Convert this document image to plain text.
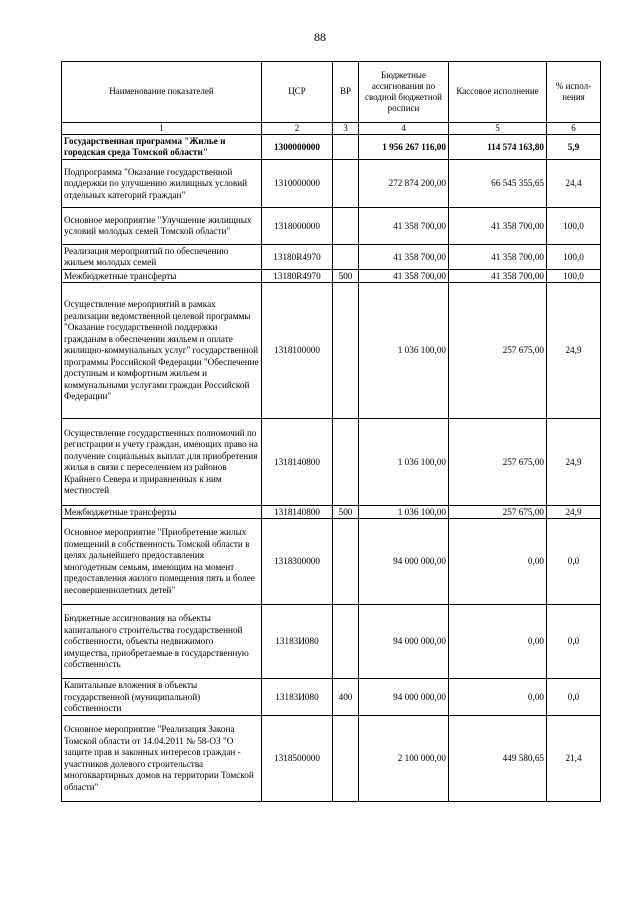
88
Наименование показателей	ЦСР	ВР	Бюджетные ассигнования по сводной бюджетной росписи	Кассовое исполнение	% испол-нения
1	2	3	4	5	6
Государственная программа "Жилье и городская среда Томской области"	1300000000		1 956 267 116,00	114 574 163,80	5,9
Подпрограмма "Оказание государственной поддержки по улучшению жилищных условий отдельных категорий граждан"	1310000000		272 874 200,00	66 545 355,65	24,4
Основное мероприятие "Улучшение жилищных условий молодых семей Томской области"	1318000000		41 358 700,00	41 358 700,00	100,0
Реализация мероприятий по обеспечению жильем молодых семей	13180R4970		41 358 700,00	41 358 700,00	100,0
Межбюджетные трансферты	13180R4970	500	41 358 700,00	41 358 700,00	100,0
Осуществление мероприятий в рамках реализации ведомственной целевой программы "Оказание государственной поддержки гражданам в обеспечении жильем и оплате жилищно-коммунальных услуг" государственной программы Российской Федерации "Обеспечение доступным и комфортным жильем и коммунальными услугами граждан Российской Федерации"	1318100000		1 036 100,00	257 675,00	24,9
Осуществление государственных полномочий по регистрации и учету граждан, имеющих право на получение социальных выплат для приобретения жилья в связи с переселением из районов Крайнего Севера и приравненных к ним местностей	1318140800		1 036 100,00	257 675,00	24,9
Межбюджетные трансферты	1318140800	500	1 036 100,00	257 675,00	24,9
Основное мероприятие "Приобретение жилых помещений в собственность Томской области в целях дальнейшего предоставления многодетным семьям, имеющим на момент предоставления жилого помещения пять и более несовершеннолетних детей"	1318300000		94 000 000,00	0,00	0,0
Бюджетные ассигнования на объекты капитального строительства государственной собственности, объекты недвижимого имущества, приобретаемые в государственную собственность	13183И080		94 000 000,00	0,00	0,0
Капитальные вложения в объекты государственной (муниципальной) собственности	13183И080	400	94 000 000,00	0,00	0,0
Основное мероприятие "Реализация Закона Томской области от 14.04.2011 № 58-ОЗ "О защите прав и законных интересов граждан - участников долевого строительства многоквартирных домов на территории Томской области"	1318500000		2 100 000,00	449 580,65	21,4
